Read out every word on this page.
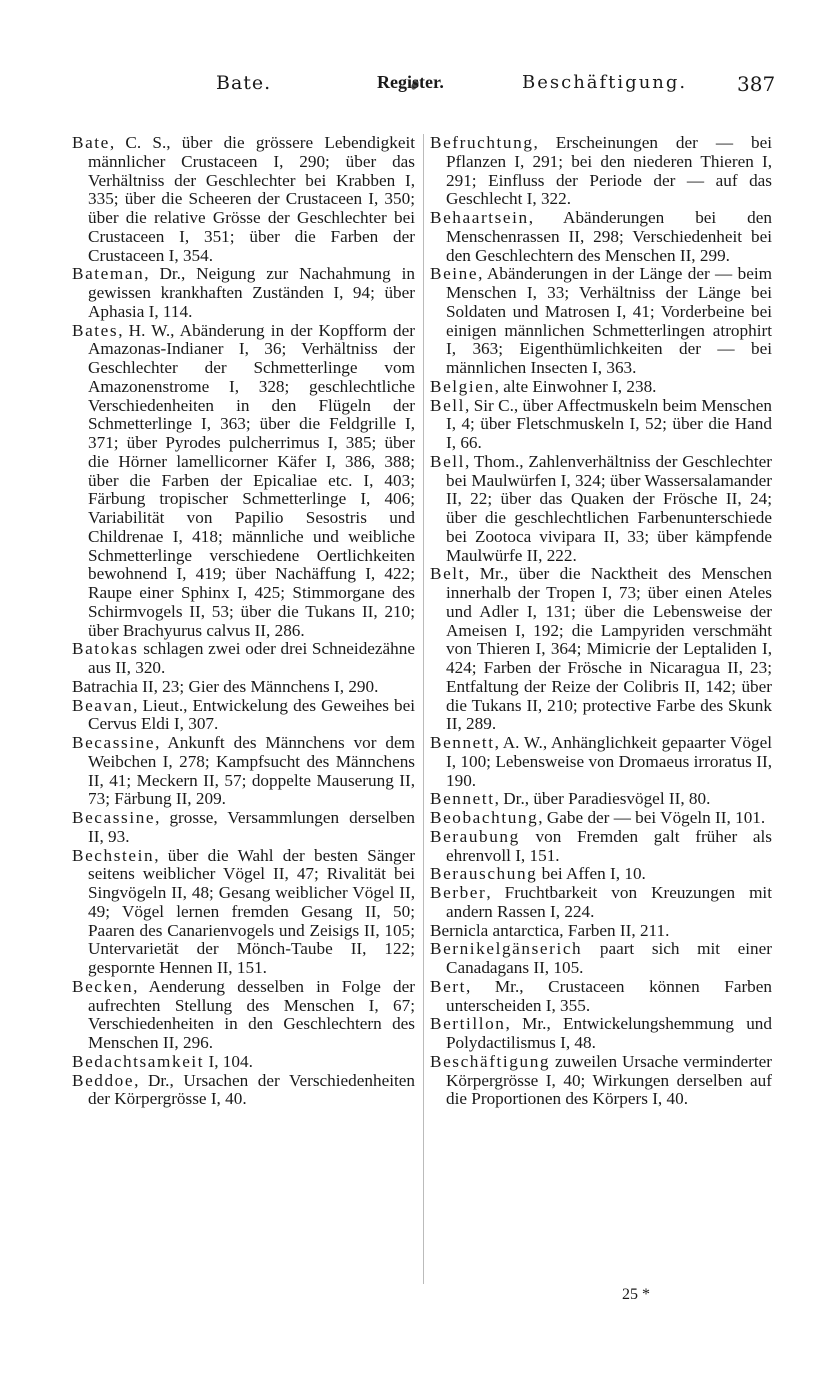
Bate.	Register.	Beschäftigung. 387

Bate, C. S., über die grössere Lebendigkeit männlicher Crustaceen I, 290; über das Verhältniss der Geschlechter bei Krabben I, 335; über die Scheeren der Crustaceen I, 350; über die relative Grösse der Geschlechter bei Crustaceen I, 351; über die Farben der Crustaceen I, 354.

Bateman, Dr., Neigung zur Nachahmung in gewissen krankhaften Zuständen I, 94; über Aphasia I, 114.

Bates, H. W., Abänderung in der Kopfform der Amazonas-Indianer I, 36; Verhältniss der Geschlechter der Schmetterlinge vom Amazonenstrome I, 328; geschlechtliche Verschiedenheiten in den Flügeln der Schmetterlinge I, 363; über die Feldgrille I, 371; über Pyrodes pulcherrimus I, 385; über die Hörner lamellicorner Käfer I, 386, 388; über die Farben der Epicaliae etc. I, 403; Färbung tropischer Schmetterlinge I, 406; Variabilität von Papilio Sesostris und Childrenae I, 418; männliche und weibliche Schmetterlinge verschiedene Oertlichkeiten bewohnend I, 419; über Nachäffung I, 422; Raupe einer Sphinx I, 425; Stimmorgane des Schirmvogels II, 53; über die Tukans II, 210; über Brachyurus calvus II, 286.

Batokas schlagen zwei oder drei Schneidezähne aus II, 320.

Batrachia II, 23; Gier des Männchens I, 290.

Beavan, Lieut., Entwickelung des Geweihes bei Cervus Eldi I, 307.

Becassine, Ankunft des Männchens vor dem Weibchen I, 278; Kampfsucht des Männchens II, 41; Meckern II, 57; doppelte Mauserung II, 73; Färbung II, 209.

Becassine, grosse, Versammlungen derselben II, 93.

Bechstein, über die Wahl der besten Sänger seitens weiblicher Vögel II, 47; Rivalität bei Singvögeln II, 48; Gesang weiblicher Vögel II, 49; Vögel lernen fremden Gesang II, 50; Paaren des Canarienvogels und Zeisigs II, 105; Untervarietät der Mönch-Taube II, 122; gespornte Hennen II, 151.

Becken, Aenderung desselben in Folge der aufrechten Stellung des Menschen I, 67; Verschiedenheiten in den Geschlechtern des Menschen II, 296.

Bedachtsamkeit I, 104.

Beddoe, Dr., Ursachen der Verschiedenheiten der Körpergrösse I, 40.

Befruchtung, Erscheinungen der — bei Pflanzen I, 291; bei den niederen Thieren I, 291; Einfluss der Periode der — auf das Geschlecht I, 322.

Behaartsein, Abänderungen bei den Menschenrassen II, 298; Verschiedenheit bei den Geschlechtern des Menschen II, 299.

Beine, Abänderungen in der Länge der — beim Menschen I, 33; Verhältniss der Länge bei Soldaten und Matrosen I, 41; Vorderbeine bei einigen männlichen Schmetterlingen atrophirt I, 363; Eigenthümlichkeiten der — bei männlichen Insecten I, 363.

Belgien, alte Einwohner I, 238.

Bell, Sir C., über Affectmuskeln beim Menschen I, 4; über Fletschmuskeln I, 52; über die Hand I, 66.

Bell, Thom., Zahlenverhältniss der Geschlechter bei Maulwürfen I, 324; über Wassersalamander II, 22; über das Quaken der Frösche II, 24; über die geschlechtlichen Farbenunterschiede bei Zootoca vivipara II, 33; über kämpfende Maulwürfe II, 222.

Belt, Mr., über die Nacktheit des Menschen innerhalb der Tropen I, 73; über einen Ateles und Adler I, 131; über die Lebensweise der Ameisen I, 192; die Lampyriden verschmäht von Thieren I, 364; Mimicrie der Leptaliden I, 424; Farben der Frösche in Nicaragua II, 23; Entfaltung der Reize der Colibris II, 142; über die Tukans II, 210; protective Farbe des Skunk II, 289.

Bennett, A. W., Anhänglichkeit gepaarter Vögel I, 100; Lebensweise von Dromaeus irroratus II, 190.

Bennett, Dr., über Paradiesvögel II, 80.

Beobachtung, Gabe der — bei Vögeln II, 101.

Beraubung von Fremden galt früher als ehrenvoll I, 151.

Berauschung bei Affen I, 10.

Berber, Fruchtbarkeit von Kreuzungen mit andern Rassen I, 224.

Bernicla antarctica, Farben II, 211.

Bernikelgänserich paart sich mit einer Canadagans II, 105.

Bert, Mr., Crustaceen können Farben unterscheiden I, 355.

Bertillon, Mr., Entwickelungshemmung und Polydactilismus I, 48.

Beschäftigung zuweilen Ursache verminderter Körpergrösse I, 40; Wirkungen derselben auf die Proportionen des Körpers I, 40.

25 *
